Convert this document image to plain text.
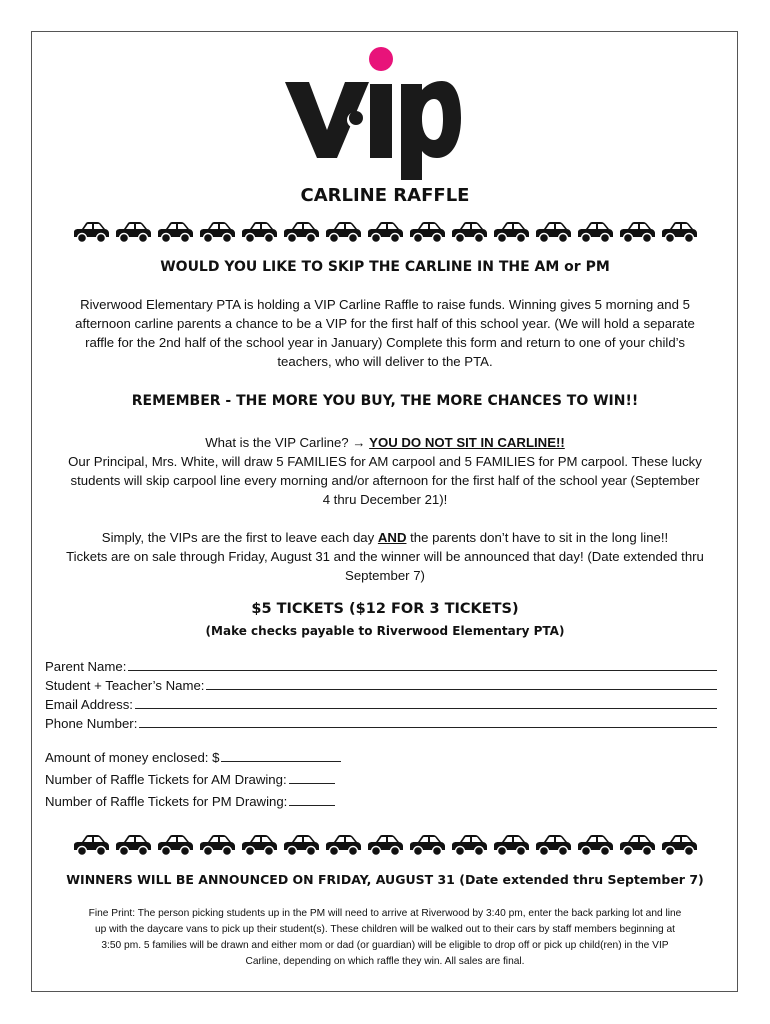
CARLINE RAFFLE
WOULD YOU LIKE TO SKIP THE CARLINE IN THE AM or PM
Riverwood Elementary PTA is holding a VIP Carline Raffle to raise funds. Winning gives 5 morning and 5
afternoon carline parents a chance to be a VIP for the first half of this school year. (We will hold a separate
raffle for the 2nd half of the school year in January) Complete this form and return to one of your child’s
teachers, who will deliver to the PTA.
REMEMBER - THE MORE YOU BUY, THE MORE CHANCES TO WIN!!
What is the VIP Carline? → YOU DO NOT SIT IN CARLINE!!
Our Principal, Mrs. White, will draw 5 FAMILIES for AM carpool and 5 FAMILIES for PM carpool. These lucky
students will skip carpool line every morning and/or afternoon for the first half of the school year (September
4 thru December 21)!
Simply, the VIPs are the first to leave each day AND the parents don’t have to sit in the long line!!
Tickets are on sale through Friday, August 31 and the winner will be announced that day! (Date extended thru
September 7)
$5 TICKETS ($12 FOR 3 TICKETS)
(Make checks payable to Riverwood Elementary PTA)
Parent Name:
Student + Teacher’s Name:
Email Address:
Phone Number:
Amount of money enclosed: $
Number of Raffle Tickets for AM Drawing:
Number of Raffle Tickets for PM Drawing:
WINNERS WILL BE ANNOUNCED ON FRIDAY, AUGUST 31 (Date extended thru September 7)
Fine Print: The person picking students up in the PM will need to arrive at Riverwood by 3:40 pm, enter the back parking lot and line
up with the daycare vans to pick up their student(s). These children will be walked out to their cars by staff members beginning at
3:50 pm. 5 families will be drawn and either mom or dad (or guardian) will be eligible to drop off or pick up child(ren) in the VIP
Carline, depending on which raffle they win. All sales are final.
